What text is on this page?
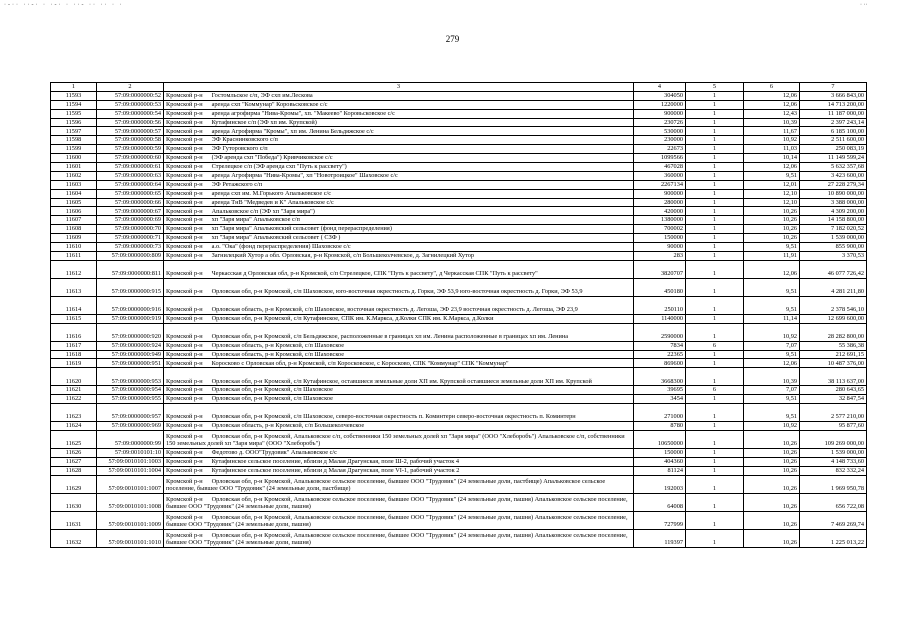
·-·· ··-· · ·-· · ··- ·· ·· · ·	· ··
279
1	2	3	4	5	6	7
11593	57:09:0000000:52	Кромской р-н Гостомльское с/п, ЭФ схп им.Лескова	304050	1	12,06	3 666 843,00
11594	57:09:0000000:53	Кромской р-н аренда схп "Коммунар" Коровьсковское с/с	1220000	1	12,06	14 713 200,00
11595	57:09:0000000:54	Кромской р-н аренда агрофирма "Нива-Кромы", хп. "Макеево" Коровьсковское с/с	900000	1	12,43	11 187 000,00
11596	57:09:0000000:56	Кромской р-н Кутафинское с/п (ЭФ хп им. Крупской)	230726	1	10,39	2 397 243,14
11597	57:09:0000000:57	Кромской р-н аренда Агрофирма "Кромы", хп им. Ленина Бельдяжское с/с	530000	1	11,67	6 185 100,00
11598	57:09:0000000:58	Кромской р-н ЭФ Краснинковского с/п	230000	1	10,92	2 511 600,00
11599	57:09:0000000:59	Кромской р-н ЭФ Гуторовского с/п	22673	1	11,03	250 083,19
11600	57:09:0000000:60	Кромской р-н (ЭФ аренда схп "Победа") Кривчиковское с/с	1099566	1	10,14	11 149 599,24
11601	57:09:0000000:61	Кромской р-н Стрелецкое с/п (ЭФ аренда схп "Путь к рассвету")	467028	1	12,06	5 632 357,68
11602	57:09:0000000:63	Кромской р-н аренда Агрофирма "Нива-Кромы", хп "Новотроицкое" Шаховское с/с	360000	1	9,51	3 423 600,00
11603	57:09:0000000:64	Кромской р-н ЭФ Ретажского с/п	2267134	1	12,01	27 228 279,34
11604	57:09:0000000:65	Кромской р-н аренда схп им. М.Горького Апальковское с/с	900000	1	12,10	10 890 000,00
11605	57:09:0000000:66	Кромской р-н аренда ТнВ "Медведев и К" Апальковское с/с	280000	1	12,10	3 388 000,00
11606	57:09:0000000:67	Кромской р-н Апальковское с/п (ЭФ хп "Заря мира")	420000	1	10,26	4 309 200,00
11607	57:09:0000000:69	Кромской р-н хп "Заря мира" Апальковское с/п	1380000	1	10,26	14 158 800,00
11608	57:09:0000000:70	Кромской р-н хп "Заря мира" Апальковский сельсовет (фонд перераспределения)	700002	1	10,26	7 182 020,52
11609	57:09:0000000:71	Кромской р-н хп "Заря мира" Апальковский сельсовет ( СЗФ )	150000	1	10,26	1 539 000,00
11610	57:09:0000000:73	Кромской р-н а.о. "Ока" (фонд перераспределения) Шаховское с/с	90000	1	9,51	855 900,00
11611	57:09:0000000:809	Кромской р-н Загнилецкий Хутор а обл. Орловская, р-н Кромской, с/п Большеколчевское, д. Загнилецкий Хутор	283	1	11,91	3 370,53
11612	57:09:0000000:811	Кромской р-н Черкасская д Орловская обл, р-н Кромской, с/п Стрелецкое, СПК "Путь к рассвету", д Черкасская СПК "Путь к рассвету"	3820707	1	12,06	46 077 726,42
11613	57:09:0000000:915	Кромской р-н Орловская обл, р-н Кромской, с/п Шаховское, юго-восточная окрестность д. Горки, ЭФ 53,9 юго-восточная окрестность д. Горки, ЭФ 53,9	450180	1	9,51	4 281 211,80
11614	57:09:0000000:916	Кромской р-н Орловская область, р-н Кромской, с/п Шаховское, восточная окрестность д. Легоша, ЭФ 23,9 восточная окрестность д. Легоша, ЭФ 23,9	250110	1	9,51	2 378 546,10
11615	57:09:0000000:919	Кромской р-н Орловская обл, р-н Кромской, с/п Кутафинское, СПК им. К.Маркса, д.Колки СПК им. К.Маркса, д.Колки	1140000	1	11,14	12 699 600,00
11616	57:09:0000000:920	Кромской р-н Орловская обл, р-н Кромской, с/п Бельдяжское, расположенные в границах хп им. Ленина расположенные в границах хп им. Ленина	2590000	1	10,92	28 282 800,00
11617	57:09:0000000:924	Кромской р-н Орловская область, р-н Кромской, с/п Шаховское	7834	6	7,07	55 386,38
11618	57:09:0000000:949	Кромской р-н Орловская область, р-н Кромской, с/п Шаховское	22365	1	9,51	212 691,15
11619	57:09:0000000:951	Кромской р-н Коросково с Орловская обл, р-н Кромской, с/п Коросковское, с Коросково, СПК "Коммунар" СПК "Коммунар"	869600	1	12,06	10 487 376,00
11620	57:09:0000000:953	Кромской р-н Орловская обл, р-н Кромской, с/п Кутафинское, оставшиеся земельные доли ХП им. Крупской оставшиеся земельные доли ХП им. Крупской	3668300	1	10,39	38 113 637,00
11621	57:09:0000000:954	Кромской р-н Орловская обл, р-н Кромской, с/п Шаховское	39695	6	7,07	280 643,65
11622	57:09:0000000:955	Кромской р-н Орловская обл, р-н Кромской, с/п Шаховское	3454	1	9,51	32 847,54
11623	57:09:0000000:957	Кромской р-н Орловская обл, р-н Кромской, с/п Шаховское, северо-восточная окрестность п. Коминтерн северо-восточная окрестность п. Коминтерн	271000	1	9,51	2 577 210,00
11624	57:09:0000000:969	Кромской р-н Орловская область, р-н Кромской, с/п Большеколчевское	8780	1	10,92	95 877,60
11625	57:09:0000000:99	Кромской р-н Орловская обл, р-н Кромской, Апальковское с/п, собственники 150 земельных долей хп "Заря мира" (ООО "Хлеборобъ") Апальковское с/п, собственники 150 земельных долей хп "Заря мира" (ООО "Хлеборобъ")	10650000	1	10,26	109 269 000,00
11626	57:09:0010101:10	Кромской р-н Федотово д. ООО"Трудовик" Апальковское с/с	150000	1	10,26	1 539 000,00
11627	57:09:0010101:1003	Кромской р-н Кутафинское сельское поселение, вблизи д Малая Драгунская, поле Ш-2, рабочий участок 4	404360	1	10,26	4 148 733,60
11628	57:09:0010101:1004	Кромской р-н Кутафинское сельское поселение, вблизи д Малая Драгунская, поле VI-1, рабочий участок 2	81124	1	10,26	832 332,24
11629	57:09:0010101:1007	Кромской р-н Орловская обл, р-н Кромской, Апальковское сельское поселение, бывшее ООО "Трудовик" (24 земельные доли, пастбище) Апальковское сельское поселение, бывшее ООО "Трудовик" (24 земельные доли, пастбище)	192003	1	10,26	1 969 950,78
11630	57:09:0010101:1008	Кромской р-н Орловская обл, р-н Кромской, Апальковское сельское поселение, бывшее ООО "Трудовик" (24 земельные доли, пашня) Апальковское сельское поселение, бывшее ООО "Трудовик" (24 земельные доли, пашня)	64008	1	10,26	656 722,08
11631	57:09:0010101:1009	Кромской р-н Орловская обл, р-н Кромской, Апальковское сельское поселение, бывшее ООО "Трудовик" (24 земельные доли, пашня) Апальковское сельское поселение, бывшее ООО "Трудовик" (24 земельные доли, пашня)	727999	1	10,26	7 469 269,74
11632	57:09:0010101:1010	Кромской р-н Орловская обл, р-н Кромской, Апальковское сельское поселение, бывшее ООО "Трудовик" (24 земельные доли, пашня) Апальковское сельское поселение, бывшее ООО "Трудовик" (24 земельные доли, пашня)	119397	1	10,26	1 225 013,22
